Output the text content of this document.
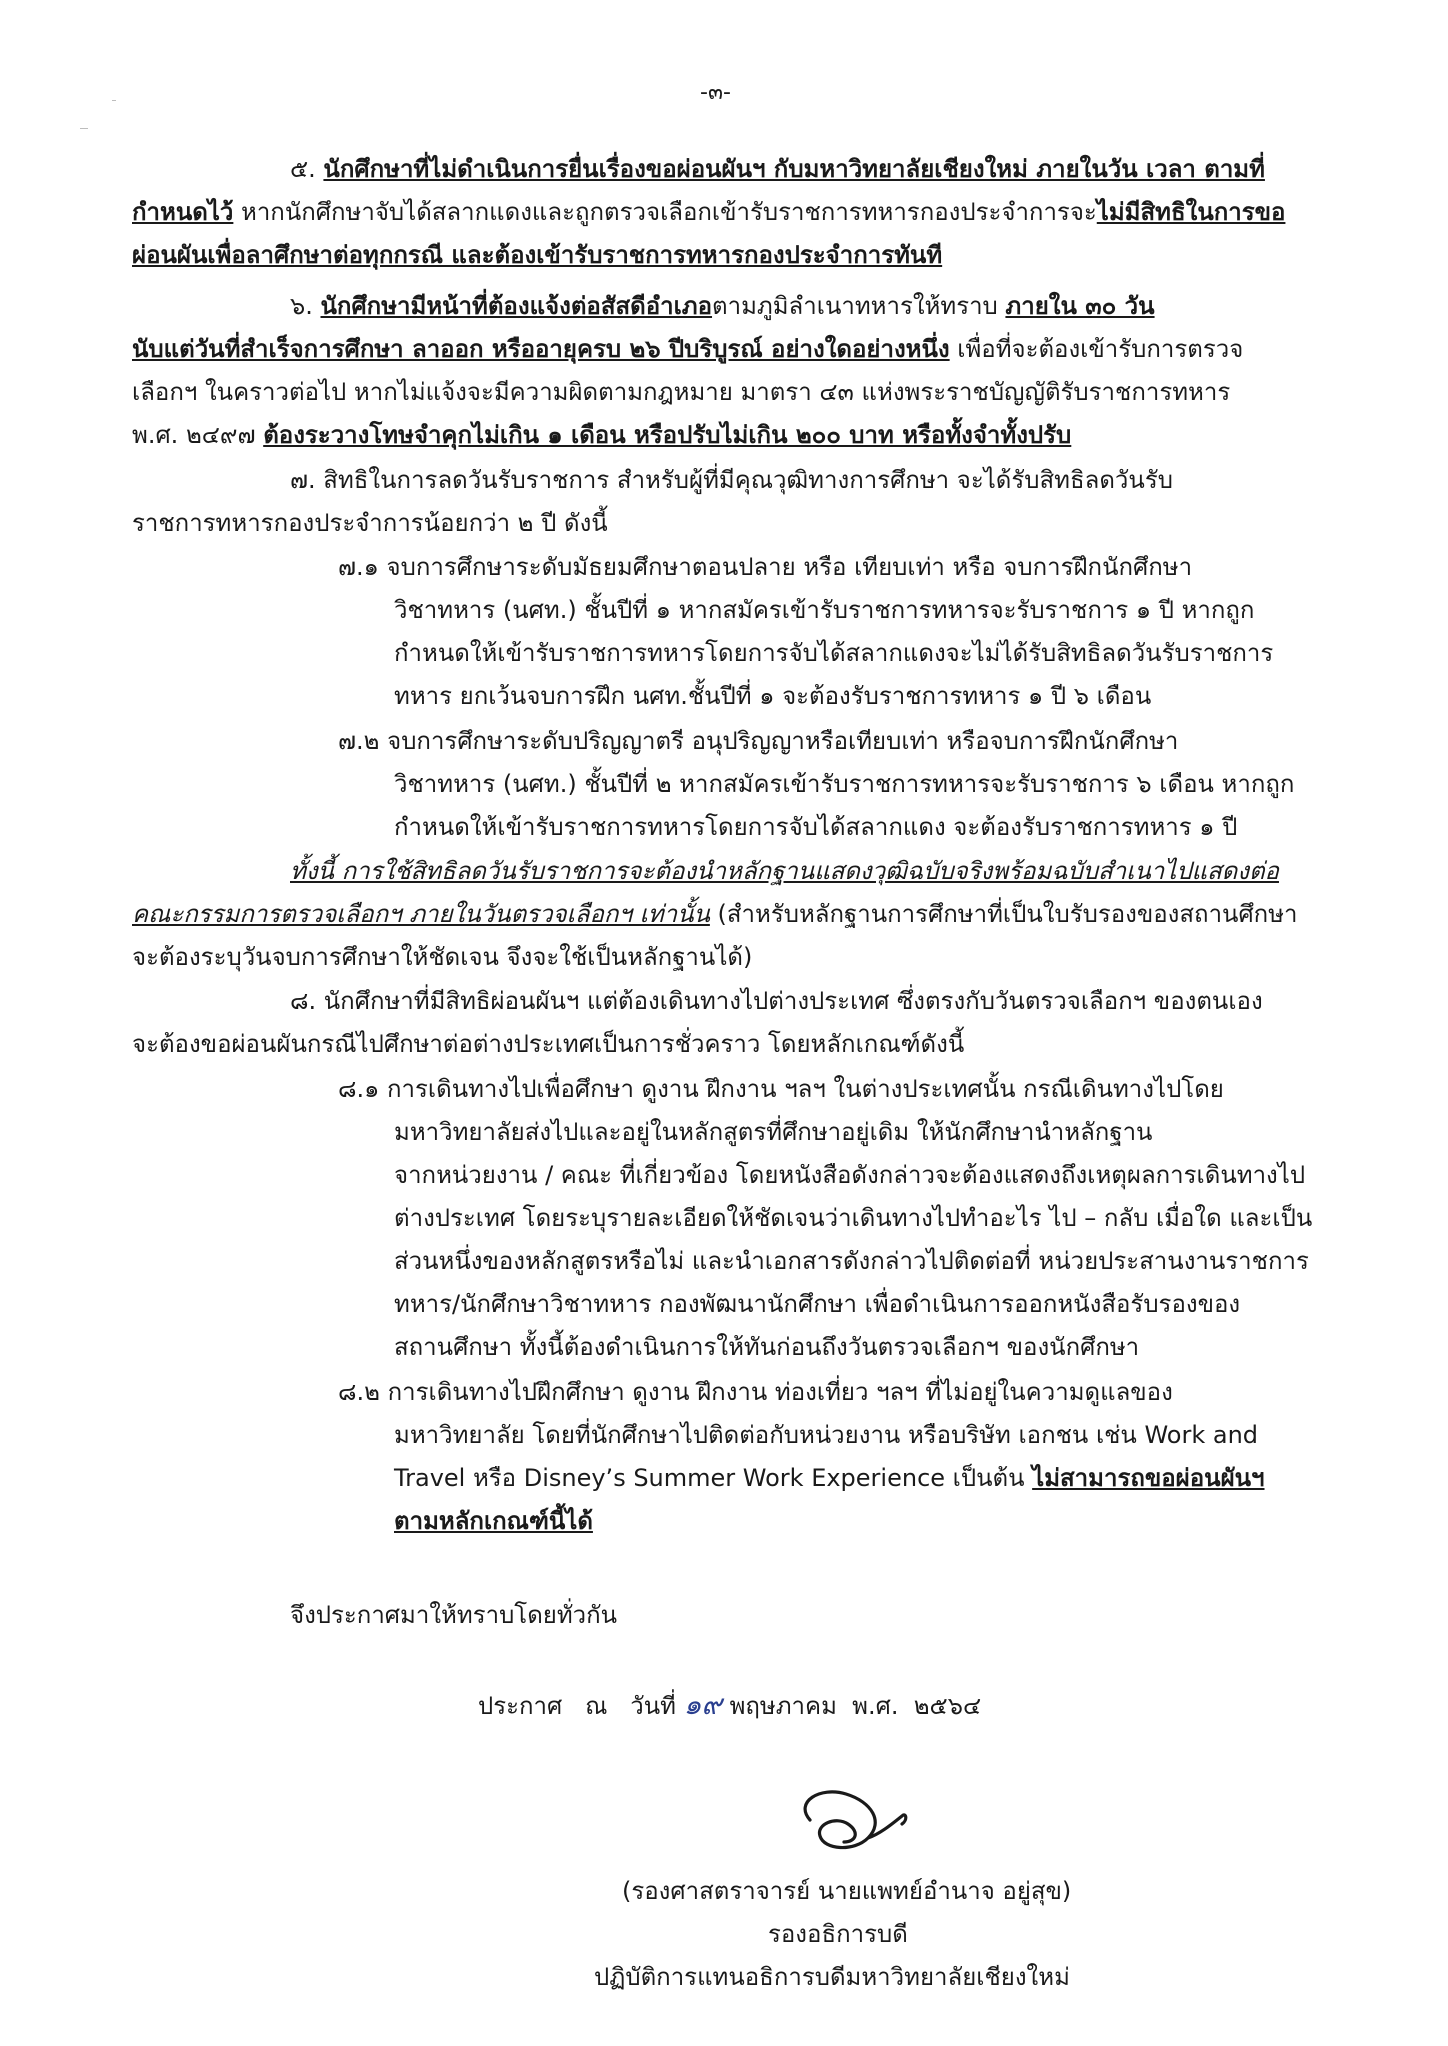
-๓-
๕. นักศึกษาที่ไม่ดำเนินการยื่นเรื่องขอผ่อนผันฯ กับมหาวิทยาลัยเชียงใหม่ ภายในวัน เวลา ตามที่
กำหนดไว้ หากนักศึกษาจับได้สลากแดงและถูกตรวจเลือกเข้ารับราชการทหารกองประจำการจะไม่มีสิทธิในการขอ
ผ่อนผันเพื่อลาศึกษาต่อทุกกรณี และต้องเข้ารับราชการทหารกองประจำการทันที
๖. นักศึกษามีหน้าที่ต้องแจ้งต่อสัสดีอำเภอตามภูมิลำเนาทหารให้ทราบ ภายใน ๓๐ วัน
นับแต่วันที่สำเร็จการศึกษา ลาออก หรืออายุครบ ๒๖ ปีบริบูรณ์ อย่างใดอย่างหนึ่ง เพื่อที่จะต้องเข้ารับการตรวจ
เลือกฯ ในคราวต่อไป หากไม่แจ้งจะมีความผิดตามกฎหมาย มาตรา ๔๓ แห่งพระราชบัญญัติรับราชการทหาร
พ.ศ. ๒๔๙๗ ต้องระวางโทษจำคุกไม่เกิน ๑ เดือน หรือปรับไม่เกิน ๒๐๐ บาท หรือทั้งจำทั้งปรับ
๗. สิทธิในการลดวันรับราชการ สำหรับผู้ที่มีคุณวุฒิทางการศึกษา จะได้รับสิทธิลดวันรับ
ราชการทหารกองประจำการน้อยกว่า ๒ ปี ดังนี้
๗.๑ จบการศึกษาระดับมัธยมศึกษาตอนปลาย หรือ เทียบเท่า หรือ จบการฝึกนักศึกษา
วิชาทหาร (นศท.) ชั้นปีที่ ๑ หากสมัครเข้ารับราชการทหารจะรับราชการ ๑ ปี หากถูก
กำหนดให้เข้ารับราชการทหารโดยการจับได้สลากแดงจะไม่ได้รับสิทธิลดวันรับราชการ
ทหาร ยกเว้นจบการฝึก นศท.ชั้นปีที่ ๑ จะต้องรับราชการทหาร ๑ ปี ๖ เดือน
๗.๒ จบการศึกษาระดับปริญญาตรี อนุปริญญาหรือเทียบเท่า หรือจบการฝึกนักศึกษา
วิชาทหาร (นศท.) ชั้นปีที่ ๒ หากสมัครเข้ารับราชการทหารจะรับราชการ ๖ เดือน หากถูก
กำหนดให้เข้ารับราชการทหารโดยการจับได้สลากแดง จะต้องรับราชการทหาร ๑ ปี
ทั้งนี้ การใช้สิทธิลดวันรับราชการจะต้องนำหลักฐานแสดงวุฒิฉบับจริงพร้อมฉบับสำเนาไปแสดงต่อ
คณะกรรมการตรวจเลือกฯ ภายในวันตรวจเลือกฯ เท่านั้น (สำหรับหลักฐานการศึกษาที่เป็นใบรับรองของสถานศึกษา
จะต้องระบุวันจบการศึกษาให้ชัดเจน จึงจะใช้เป็นหลักฐานได้)
๘. นักศึกษาที่มีสิทธิผ่อนผันฯ แต่ต้องเดินทางไปต่างประเทศ ซึ่งตรงกับวันตรวจเลือกฯ ของตนเอง
จะต้องขอผ่อนผันกรณีไปศึกษาต่อต่างประเทศเป็นการชั่วคราว โดยหลักเกณฑ์ดังนี้
๘.๑ การเดินทางไปเพื่อศึกษา ดูงาน ฝึกงาน ฯลฯ ในต่างประเทศนั้น กรณีเดินทางไปโดย
มหาวิทยาลัยส่งไปและอยู่ในหลักสูตรที่ศึกษาอยู่เดิม ให้นักศึกษานำหลักฐาน
จากหน่วยงาน / คณะ ที่เกี่ยวข้อง โดยหนังสือดังกล่าวจะต้องแสดงถึงเหตุผลการเดินทางไป
ต่างประเทศ โดยระบุรายละเอียดให้ชัดเจนว่าเดินทางไปทำอะไร ไป – กลับ เมื่อใด และเป็น
ส่วนหนึ่งของหลักสูตรหรือไม่ และนำเอกสารดังกล่าวไปติดต่อที่ หน่วยประสานงานราชการ
ทหาร/นักศึกษาวิชาทหาร กองพัฒนานักศึกษา เพื่อดำเนินการออกหนังสือรับรองของ
สถานศึกษา ทั้งนี้ต้องดำเนินการให้ทันก่อนถึงวันตรวจเลือกฯ ของนักศึกษา
๘.๒ การเดินทางไปฝึกศึกษา ดูงาน ฝึกงาน ท่องเที่ยว ฯลฯ ที่ไม่อยู่ในความดูแลของ
มหาวิทยาลัย โดยที่นักศึกษาไปติดต่อกับหน่วยงาน หรือบริษัท เอกชน เช่น Work and
Travel หรือ Disney’s Summer Work Experience เป็นต้น ไม่สามารถขอผ่อนผันฯ
ตามหลักเกณฑ์นี้ได้
จึงประกาศมาให้ทราบโดยทั่วกัน
ประกาศ   ณ   วันที่ ๑๙ พฤษภาคม  พ.ศ.  ๒๕๖๔
(รองศาสตราจารย์ นายแพทย์อำนาจ อยู่สุข)
รองอธิการบดี
ปฏิบัติการแทนอธิการบดีมหาวิทยาลัยเชียงใหม่
